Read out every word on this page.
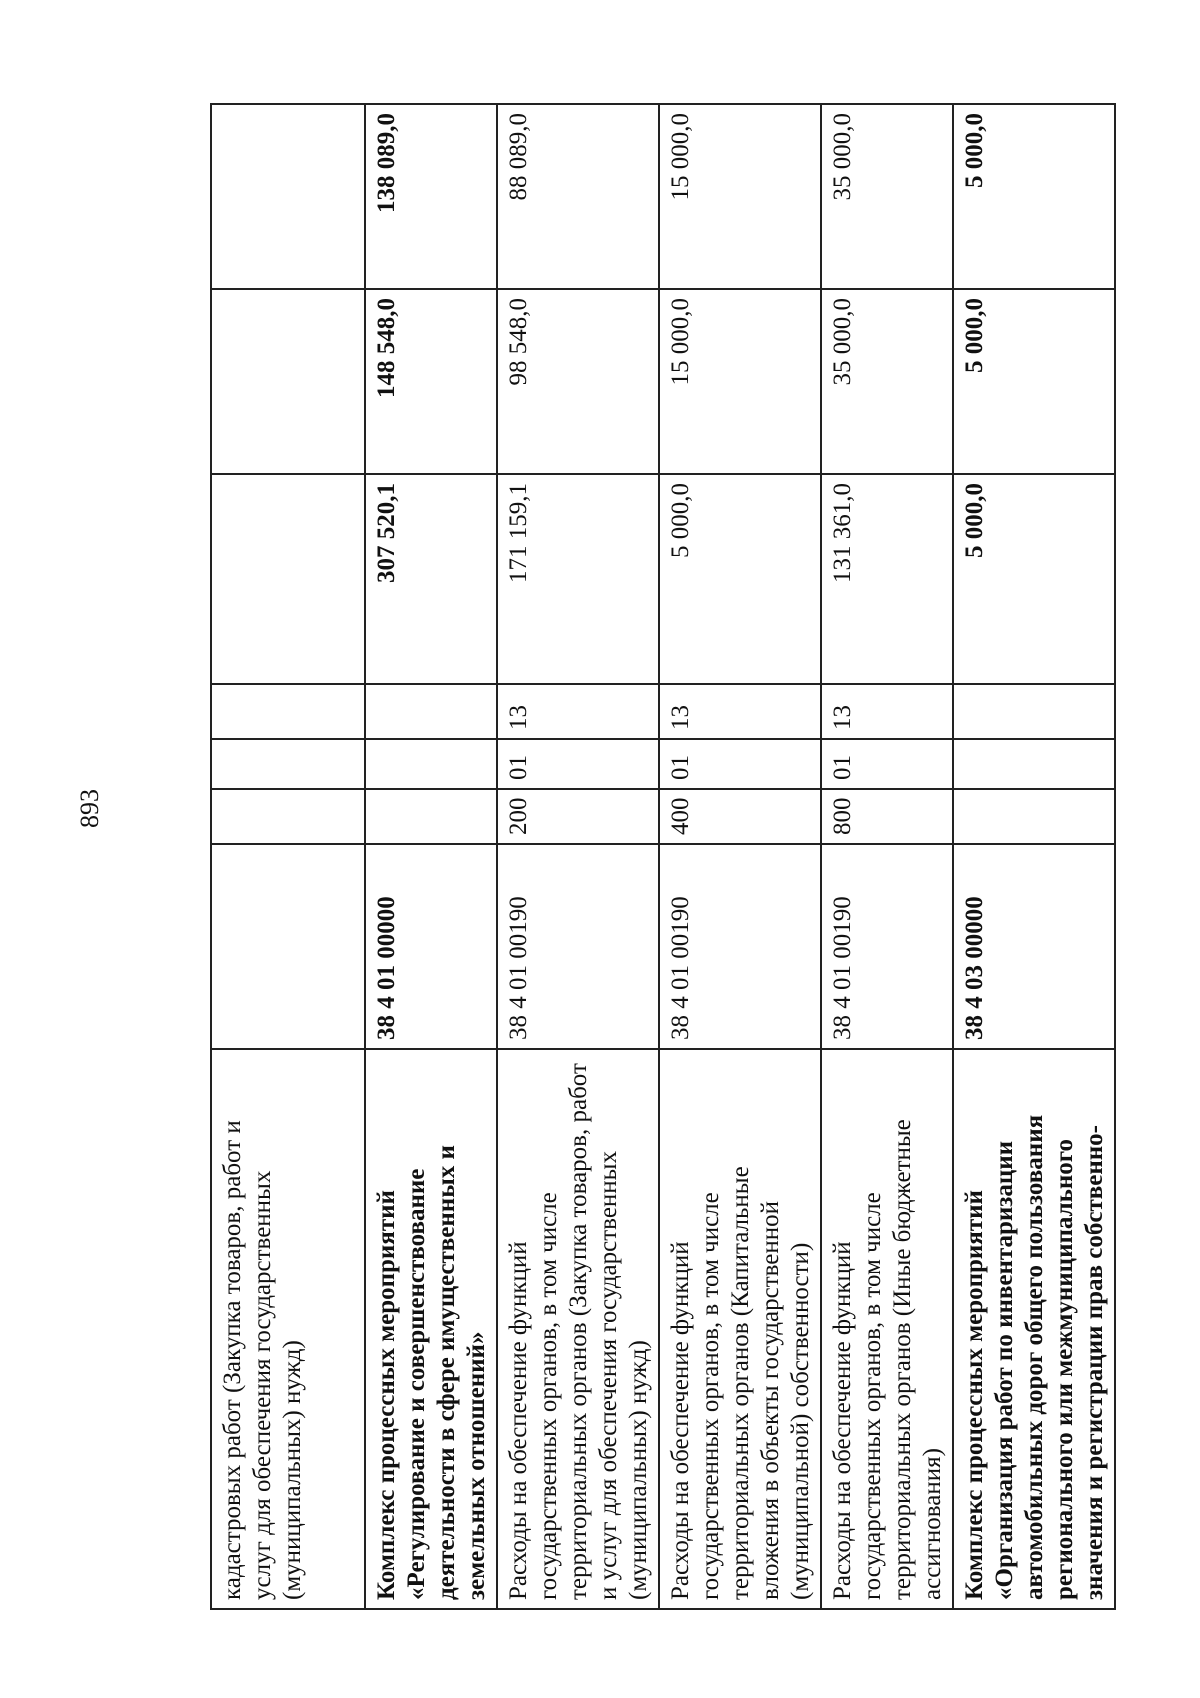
893
кадастровых работ (Закупка товаров, работ и услуг для обеспечения государственных (муниципальных) нужд)							
Комплекс процессных мероприятий «Регулирование и совершенствование деятельности в сфере имущественных и земельных отношений»	38 4 01 00000				307 520,1	148 548,0	138 089,0
Расходы на обеспечение функций государственных органов, в том числе территориальных органов (Закупка товаров, работ и услуг для обеспечения государственных (муниципальных) нужд)	38 4 01 00190	200	01	13	171 159,1	98 548,0	88 089,0
Расходы на обеспечение функций государственных органов, в том числе территориальных органов (Капитальные вложения в объекты государственной (муниципальной) собственности)	38 4 01 00190	400	01	13	5 000,0	15 000,0	15 000,0
Расходы на обеспечение функций государственных органов, в том числе территориальных органов (Иные бюджетные ассигнования)	38 4 01 00190	800	01	13	131 361,0	35 000,0	35 000,0
Комплекс процессных мероприятий «Организация работ по инвентаризации автомобильных дорог общего пользования регионального или межмуниципального значения и регистрации прав собственно-	38 4 03 00000				5 000,0	5 000,0	5 000,0
